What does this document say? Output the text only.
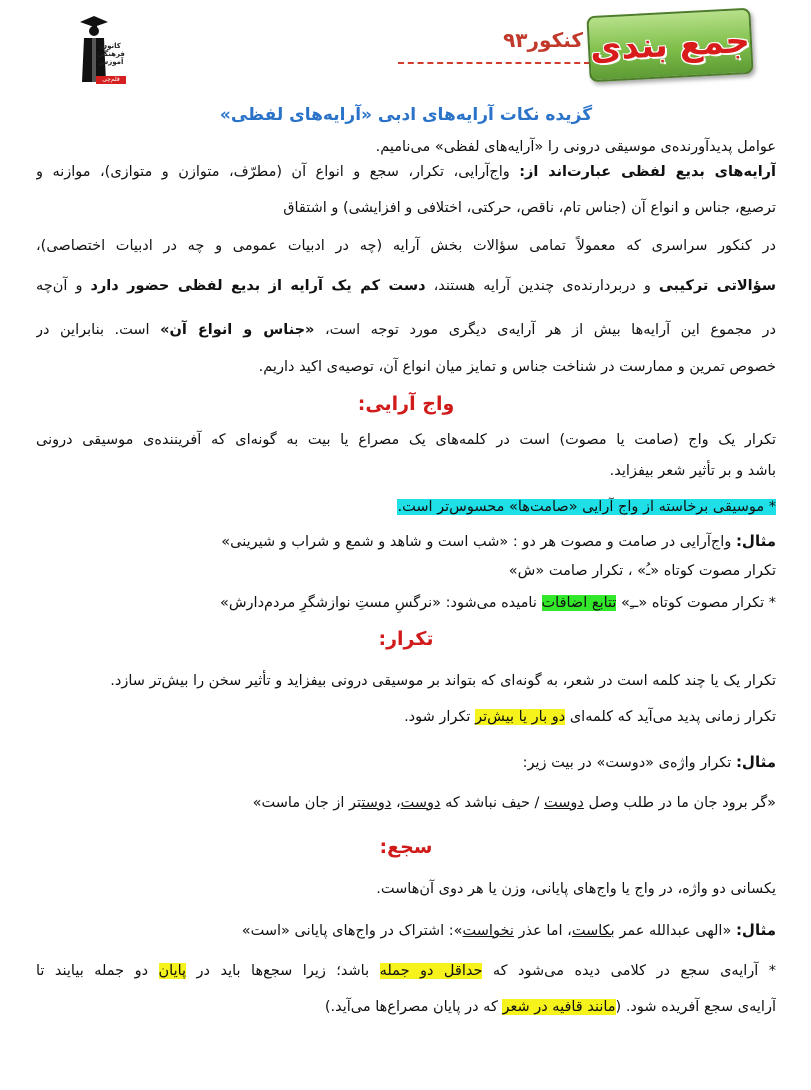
کانون فرهنگی آموزش
قلم‌چی
کنکور۹۳ جمع بندی
گزیده نکات آرایه‌های ادبی «آرایه‌های لفظی»

عوامل پدیدآورنده‌ی موسیقی درونی را «آرایه‌های لفظی» می‌نامیم.

آرایه‌های بدیع لفظی عبارت‌اند از: واج‌آرایی، تکرار، سجع و انواع آن (مطرّف، متوازن و متوازی)، موازنه و

ترصیع، جناس و انواع آن (جناس تام، ناقص، حرکتی، اختلافی و افزایشی) و اشتقاق

در کنکور سراسری که معمولاً تمامی سؤالات بخش آرایه (چه در ادبیات عمومی و چه در ادبیات اختصاصی)،

سؤالاتی ترکیبی و دربردارنده‌ی چندین آرایه هستند، دست کم یک آرایه از بدیع لفظی حضور دارد و آن‌چه

در مجموع این آرایه‌ها بیش از هر آرایه‌ی دیگری مورد توجه است، «جناس و انواع آن» است. بنابراین در

خصوص تمرین و ممارست در شناخت جناس و تمایز میان انواع آن، توصیه‌ی اکید داریم.

واج آرایی:

تکرار یک واج (صامت یا مصوت) است در کلمه‌های یک مصراع یا بیت به گونه‌ای که آفریننده‌ی موسیقی درونی

باشد و بر تأثیر شعر بیفزاید.

* موسیقی برخاسته از واج آرایی «صامت‌ها» محسوس‌تر است.

مثال: واج‌آرایی در صامت و مصوت هر دو : «شب است و شاهد و شمع و شراب و شیرینی»

تکرار مصوت کوتاه «ـُ» ، تکرار صامت «ش»

* تکرار مصوت کوتاه «ــِ» تتابع اضافات نامیده می‌شود: «نرگسِ مستِ نوازشگرِ مردم‌دارش»

تکرار:

تکرار یک یا چند کلمه است در شعر، به گونه‌ای که بتواند بر موسیقی درونی بیفزاید و تأثیر سخن را بیش‌تر سازد.

تکرار زمانی پدید می‌آید که کلمه‌ای دو بار یا بیش‌تر تکرار شود.

مثال: تکرار واژه‌ی «دوست» در بیت زیر:

«گر برود جان ما در طلب وصل دوست / حیف نباشد که دوست، دوستتر از جان ماست»

سجع:

یکسانی دو واژه، در واج یا واج‌های پایانی، وزن یا هر دوی آن‌هاست.

مثال: «الهی عبدالله عمر بکاست، اما عذر نخواست»: اشتراک در واج‌های پایانی «است»

* آرایه‌ی سجع در کلامی دیده می‌شود که حداقل دو جمله باشد؛ زیرا سجع‌ها باید در پایان دو جمله بیایند تا

آرایه‌ی سجع آفریده شود. (مانند قافیه در شعر که در پایان مصراع‌ها می‌آید.)
